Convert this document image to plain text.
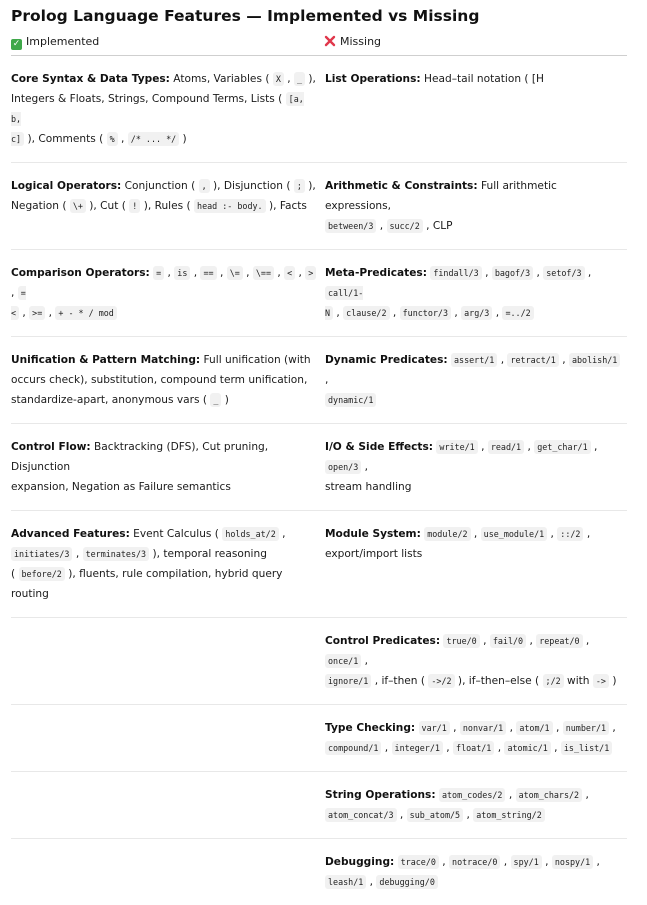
Prolog Language Features — Implemented vs Missing
✓ Implemented	Missing
Core Syntax & Data Types: Atoms, Variables ( X , _ ),
Integers & Floats, Strings, Compound Terms, Lists ( [a, b,
c] ), Comments ( % , /* ... */ )	List Operations: Head–tail notation ( [H
Logical Operators: Conjunction ( , ), Disjunction ( ; ),
Negation ( \+ ), Cut ( ! ), Rules ( head :- body. ), Facts	Arithmetic & Constraints: Full arithmetic expressions,
between/3 , succ/2 , CLP
Comparison Operators: = , is , == , \= , \== , < , > , =
< , >= , + - * / mod	Meta-Predicates: findall/3 , bagof/3 , setof/3 , call/1-
N , clause/2 , functor/3 , arg/3 , =../2
Unification & Pattern Matching: Full unification (with
occurs check), substitution, compound term unification,
standardize-apart, anonymous vars ( _ )	Dynamic Predicates: assert/1 , retract/1 , abolish/1 ,
dynamic/1
Control Flow: Backtracking (DFS), Cut pruning, Disjunction
expansion, Negation as Failure semantics	I/O & Side Effects: write/1 , read/1 , get_char/1 , open/3 ,
stream handling
Advanced Features: Event Calculus ( holds_at/2 ,
initiates/3 , terminates/3 ), temporal reasoning
( before/2 ), fluents, rule compilation, hybrid query
routing	Module System: module/2 , use_module/1 , ::/2 ,
export/import lists
	Control Predicates: true/0 , fail/0 , repeat/0 , once/1 ,
ignore/1 , if–then ( ->/2 ), if–then–else ( ;/2 with -> )
	Type Checking: var/1 , nonvar/1 , atom/1 , number/1 ,
compound/1 , integer/1 , float/1 , atomic/1 , is_list/1
	String Operations: atom_codes/2 , atom_chars/2 ,
atom_concat/3 , sub_atom/5 , atom_string/2
	Debugging: trace/0 , notrace/0 , spy/1 , nospy/1 ,
leash/1 , debugging/0
